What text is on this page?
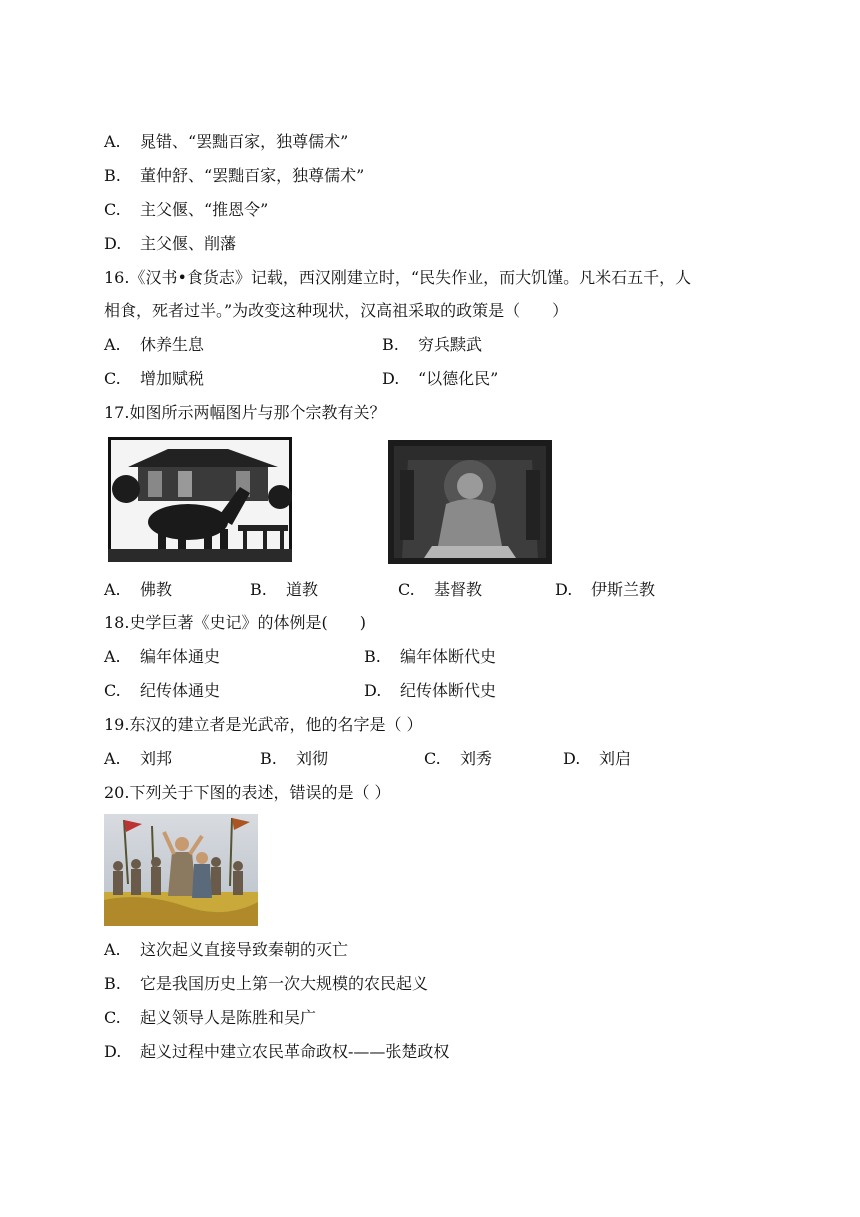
A. 晁错、“罢黜百家，独尊儒术”
B. 董仲舒、“罢黜百家，独尊儒术”
C. 主父偃、“推恩令”
D. 主父偃、削藩
16.《汉书•食货志》记载，西汉刚建立时，“民失作业，而大饥馑。凡米石五千，人
相食，死者过半。”为改变这种现状，汉高祖采取的政策是（　　）
A. 休养生息	B. 穷兵黩武
C. 增加赋税	D. “以德化民”
17.如图所示两幅图片与那个宗教有关？
A. 佛教	B. 道教	C. 基督教	D. 伊斯兰教
18.史学巨著《史记》的体例是(　　)
A. 编年体通史	B. 编年体断代史
C. 纪传体通史	D. 纪传体断代史
19.东汉的建立者是光武帝，他的名字是（ ）
A. 刘邦	B. 刘彻	C. 刘秀	D. 刘启
20.下列关于下图的表述，错误的是（ ）
A. 这次起义直接导致秦朝的灭亡
B. 它是我国历史上第一次大规模的农民起义
C. 起义领导人是陈胜和吴广
D. 起义过程中建立农民革命政权-——张楚政权
